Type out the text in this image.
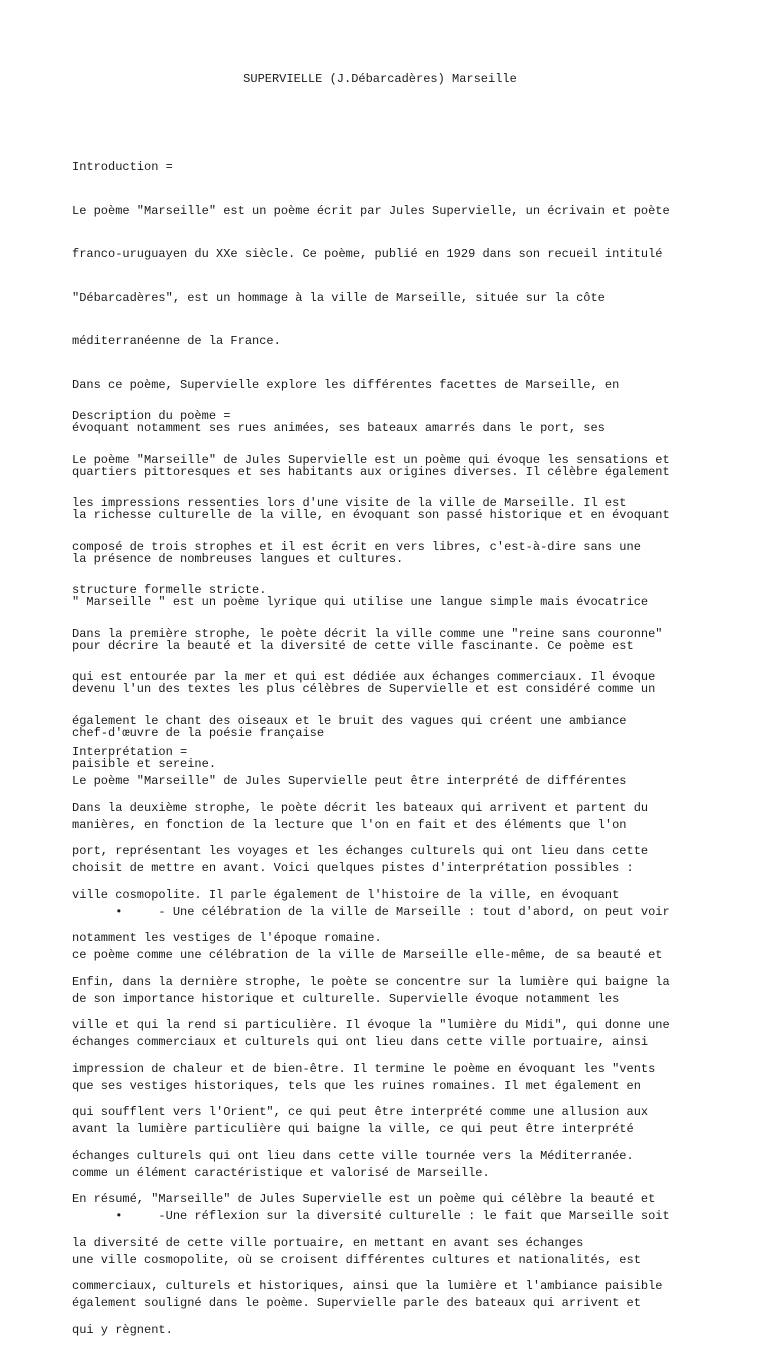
SUPERVIELLE (J.Débarcadères) Marseille

Introduction =

Le poème "Marseille" est un poème écrit par Jules Supervielle, un écrivain et poète

franco-uruguayen du XXe siècle. Ce poème, publié en 1929 dans son recueil intitulé

"Débarcadères", est un hommage à la ville de Marseille, située sur la côte

méditerranéenne de la France.

Dans ce poème, Supervielle explore les différentes facettes de Marseille, en

évoquant notamment ses rues animées, ses bateaux amarrés dans le port, ses

quartiers pittoresques et ses habitants aux origines diverses. Il célèbre également

la richesse culturelle de la ville, en évoquant son passé historique et en évoquant

la présence de nombreuses langues et cultures.

" Marseille " est un poème lyrique qui utilise une langue simple mais évocatrice

pour décrire la beauté et la diversité de cette ville fascinante. Ce poème est

devenu l'un des textes les plus célèbres de Supervielle et est considéré comme un

chef-d'œuvre de la poésie française

Description du poème =

Le poème "Marseille" de Jules Supervielle est un poème qui évoque les sensations et

les impressions ressenties lors d'une visite de la ville de Marseille. Il est

composé de trois strophes et il est écrit en vers libres, c'est-à-dire sans une

structure formelle stricte.

Dans la première strophe, le poète décrit la ville comme une "reine sans couronne"

qui est entourée par la mer et qui est dédiée aux échanges commerciaux. Il évoque

également le chant des oiseaux et le bruit des vagues qui créent une ambiance

paisible et sereine.

Dans la deuxième strophe, le poète décrit les bateaux qui arrivent et partent du

port, représentant les voyages et les échanges culturels qui ont lieu dans cette

ville cosmopolite. Il parle également de l'histoire de la ville, en évoquant

notamment les vestiges de l'époque romaine.

Enfin, dans la dernière strophe, le poète se concentre sur la lumière qui baigne la

ville et qui la rend si particulière. Il évoque la "lumière du Midi", qui donne une

impression de chaleur et de bien-être. Il termine le poème en évoquant les "vents

qui soufflent vers l'Orient", ce qui peut être interprété comme une allusion aux

échanges culturels qui ont lieu dans cette ville tournée vers la Méditerranée.

En résumé, "Marseille" de Jules Supervielle est un poème qui célèbre la beauté et

la diversité de cette ville portuaire, en mettant en avant ses échanges

commerciaux, culturels et historiques, ainsi que la lumière et l'ambiance paisible

qui y règnent.

Interprétation =

Le poème "Marseille" de Jules Supervielle peut être interprété de différentes

manières, en fonction de la lecture que l'on en fait et des éléments que l'on

choisit de mettre en avant. Voici quelques pistes d'interprétation possibles :

•     - Une célébration de la ville de Marseille : tout d'abord, on peut voir

ce poème comme une célébration de la ville de Marseille elle-même, de sa beauté et

de son importance historique et culturelle. Supervielle évoque notamment les

échanges commerciaux et culturels qui ont lieu dans cette ville portuaire, ainsi

que ses vestiges historiques, tels que les ruines romaines. Il met également en

avant la lumière particulière qui baigne la ville, ce qui peut être interprété

comme un élément caractéristique et valorisé de Marseille.

•     -Une réflexion sur la diversité culturelle : le fait que Marseille soit

une ville cosmopolite, où se croisent différentes cultures et nationalités, est

également souligné dans le poème. Supervielle parle des bateaux qui arrivent et
